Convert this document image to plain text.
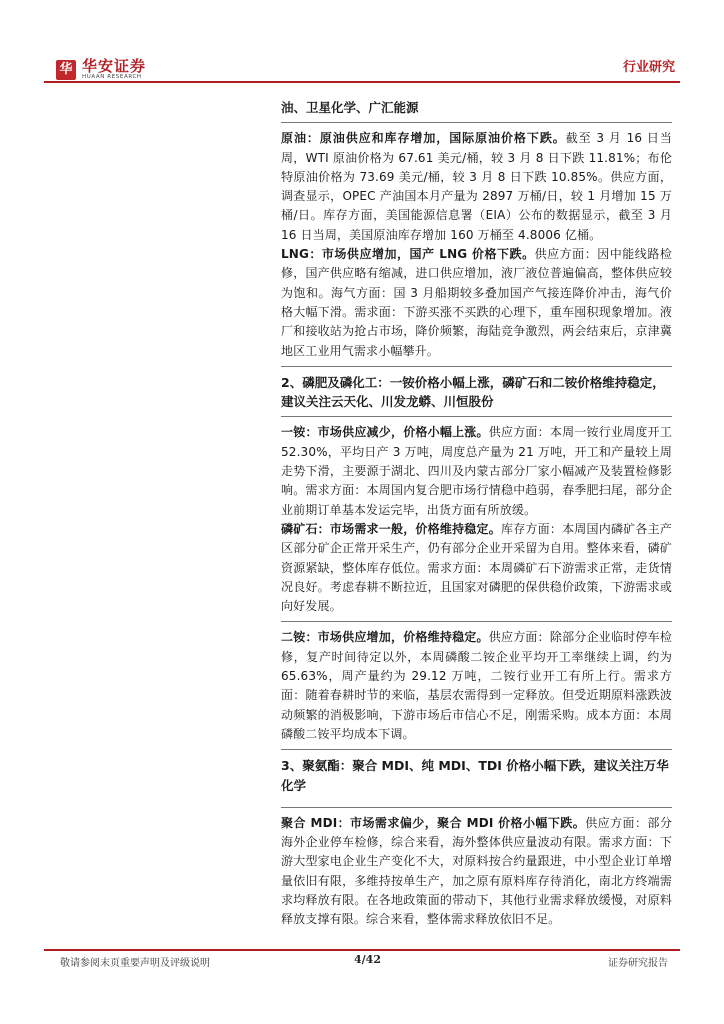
华 华安证券
HUAAN RESEARCH
行业研究
油、卫星化学、广汇能源
原油：原油供应和库存增加，国际原油价格下跌。截至 3 月 16 日当周，WTI 原油价格为 67.61 美元/桶，较 3 月 8 日下跌 11.81%；布伦特原油价格为 73.69 美元/桶，较 3 月 8 日下跌 10.85%。供应方面，调查显示，OPEC 产油国本月产量为 2897 万桶/日，较 1 月增加 15 万桶/日。库存方面，美国能源信息署（EIA）公布的数据显示，截至 3 月 16 日当周，美国原油库存增加 160 万桶至 4.8006 亿桶。
LNG：市场供应增加，国产 LNG 价格下跌。供应方面：因中能线路检修，国产供应略有缩减，进口供应增加，液厂液位普遍偏高，整体供应较为饱和。海气方面：国 3 月船期较多叠加国产气接连降价冲击，海气价格大幅下滑。需求面：下游买涨不买跌的心理下，重车囤积现象增加。液厂和接收站为抢占市场，降价频繁，海陆竞争激烈，两会结束后，京津冀地区工业用气需求小幅攀升。
2、磷肥及磷化工：一铵价格小幅上涨，磷矿石和二铵价格维持稳定，建议关注云天化、川发龙蟒、川恒股份
一铵：市场供应减少，价格小幅上涨。供应方面：本周一铵行业周度开工 52.30%，平均日产 3 万吨，周度总产量为 21 万吨，开工和产量较上周走势下滑，主要源于湖北、四川及内蒙古部分厂家小幅减产及装置检修影响。需求方面：本周国内复合肥市场行情稳中趋弱，春季肥扫尾，部分企业前期订单基本发运完毕，出货方面有所放缓。
磷矿石：市场需求一般，价格维持稳定。库存方面：本周国内磷矿各主产区部分矿企正常开采生产，仍有部分企业开采留为自用。整体来看，磷矿资源紧缺，整体库存低位。需求方面：本周磷矿石下游需求正常，走货情况良好。考虑春耕不断拉近，且国家对磷肥的保供稳价政策，下游需求或向好发展。
二铵：市场供应增加，价格维持稳定。供应方面：除部分企业临时停车检修，复产时间待定以外，本周磷酸二铵企业平均开工率继续上调，约为 65.63%，周产量约为 29.12 万吨，二铵行业开工有所上行。需求方面：随着春耕时节的来临，基层农需得到一定释放。但受近期原料涨跌波动频繁的消极影响，下游市场后市信心不足，刚需采购。成本方面：本周磷酸二铵平均成本下调。
3、聚氨酯：聚合 MDI、纯 MDI、TDI 价格小幅下跌，建议关注万华化学
聚合 MDI：市场需求偏少，聚合 MDI 价格小幅下跌。供应方面：部分海外企业停车检修，综合来看，海外整体供应量波动有限。需求方面：下游大型家电企业生产变化不大，对原料按合约量跟进，中小型企业订单增量依旧有限，多维持按单生产，加之原有原料库存待消化，南北方终端需求均释放有限。在各地政策面的带动下，其他行业需求释放缓慢，对原料释放支撑有限。综合来看，整体需求释放依旧不足。
敬请参阅末页重要声明及评级说明	4/42	证券研究报告
